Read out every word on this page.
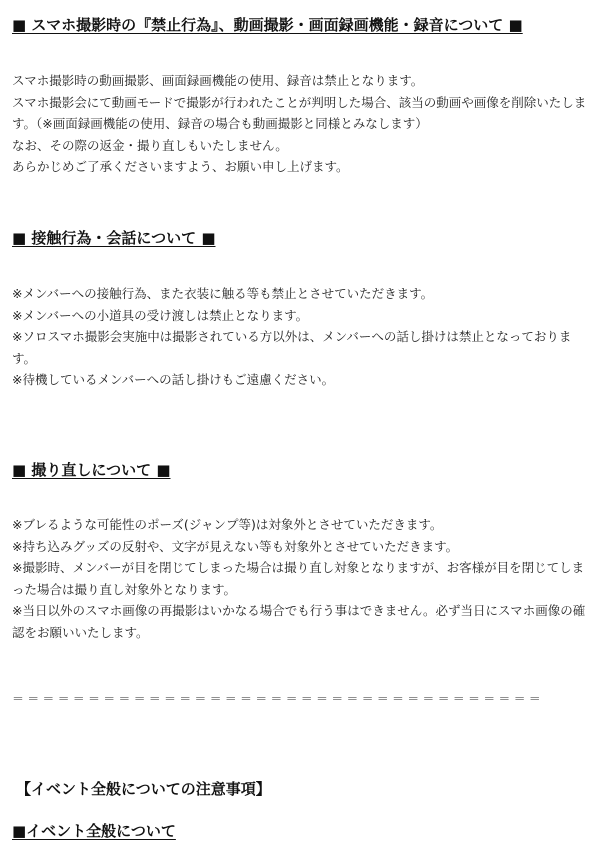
■ スマホ撮影時の『禁止行為』、動画撮影・画面録画機能・録音について ■
スマホ撮影時の動画撮影、画面録画機能の使用、録音は禁止となります。
スマホ撮影会にて動画モードで撮影が行われたことが判明した場合、該当の動画や画像を削除いたしま
す。（※画面録画機能の使用、録音の場合も動画撮影と同様とみなします）
なお、その際の返金・撮り直しもいたしません。
あらかじめご了承くださいますよう、お願い申し上げます。
■ 接触行為・会話について ■
※メンバーへの接触行為、また衣装に触る等も禁止とさせていただきます。
※メンバーへの小道具の受け渡しは禁止となります。
※ソロスマホ撮影会実施中は撮影されている方以外は、メンバーへの話し掛けは禁止となっておりま
す。
※待機しているメンバーへの話し掛けもご遠慮ください。
■ 撮り直しについて ■
※ブレるような可能性のポーズ(ジャンプ等)は対象外とさせていただきます。
※持ち込みグッズの反射や、文字が見えない等も対象外とさせていただきます。
※撮影時、メンバーが目を閉じてしまった場合は撮り直し対象となりますが、お客様が目を閉じてしま
った場合は撮り直し対象外となります。
※当日以外のスマホ画像の再撮影はいかなる場合でも行う事はできません。必ず当日にスマホ画像の確
認をお願いいたします。
＝＝＝＝＝＝＝＝＝＝＝＝＝＝＝＝＝＝＝＝＝＝＝＝＝＝＝＝＝＝＝＝＝＝＝
【イベント全般についての注意事項】
■イベント全般について
